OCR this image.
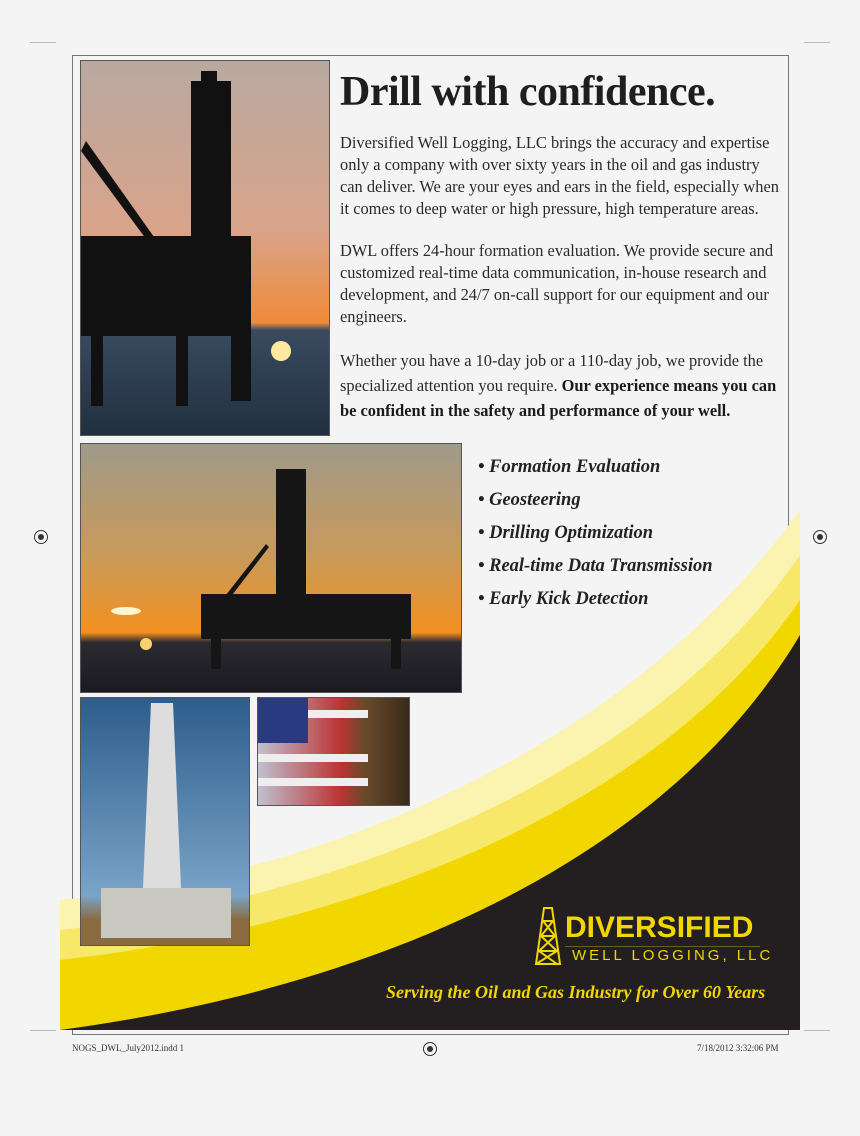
Drill with confidence.

Diversified Well Logging, LLC brings the accuracy and expertise only a company with over sixty years in the oil and gas industry can deliver. We are your eyes and ears in the field, especially when it comes to deep water or high pressure, high temperature areas.

DWL offers 24-hour formation evaluation. We provide secure and customized real-time data communication, in-house research and development, and 24/7 on-call support for our equipment and our engineers.

Whether you have a 10-day job or a 110-day job, we provide the specialized attention you require. Our experience means you can be confident in the safety and performance of your well.

• Formation Evaluation
• Geosteering
• Drilling Optimization
• Real-time Data Transmission
• Early Kick Detection
DIVERSIFIED
WELL LOGGING, LLC
Serving the Oil and Gas Industry for Over 60 Years
NOGS_DWL_July2012.indd 1	7/18/2012 3:32:06 PM
